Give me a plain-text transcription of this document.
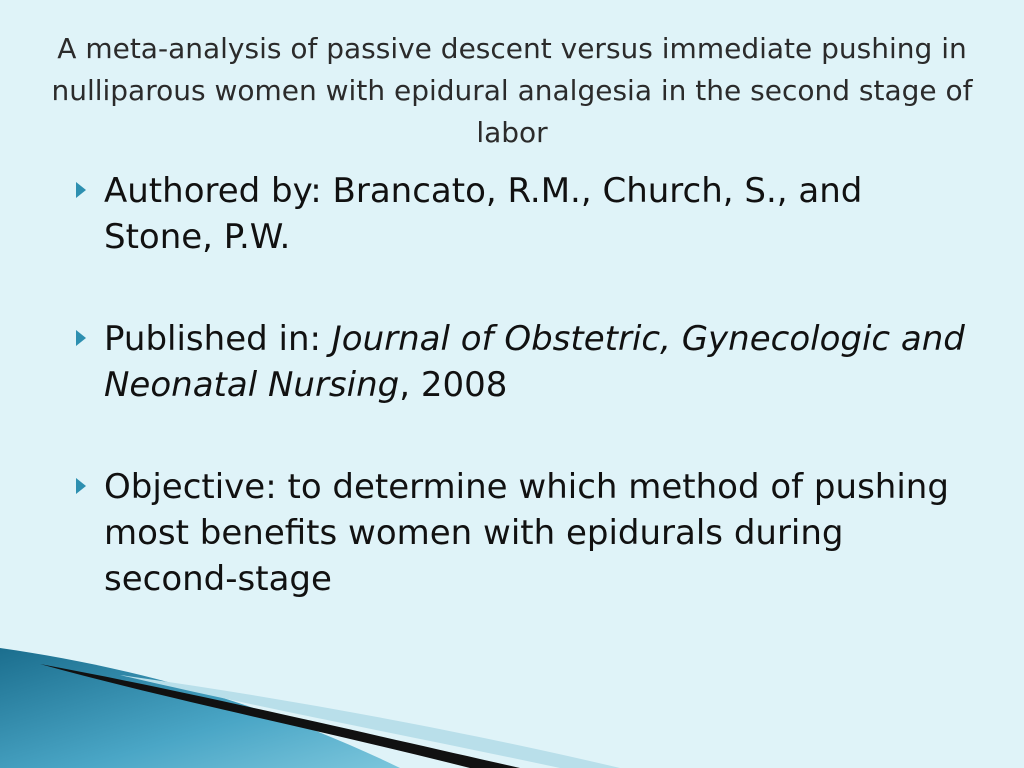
A meta-analysis of passive descent versus immediate pushing in nulliparous women with epidural analgesia in the second stage of labor
Authored by: Brancato, R.M., Church, S., and Stone, P.W.
Published in: Journal of Obstetric, Gynecologic and Neonatal Nursing, 2008
Objective: to determine which method of pushing most benefits women with epidurals during second-stage
